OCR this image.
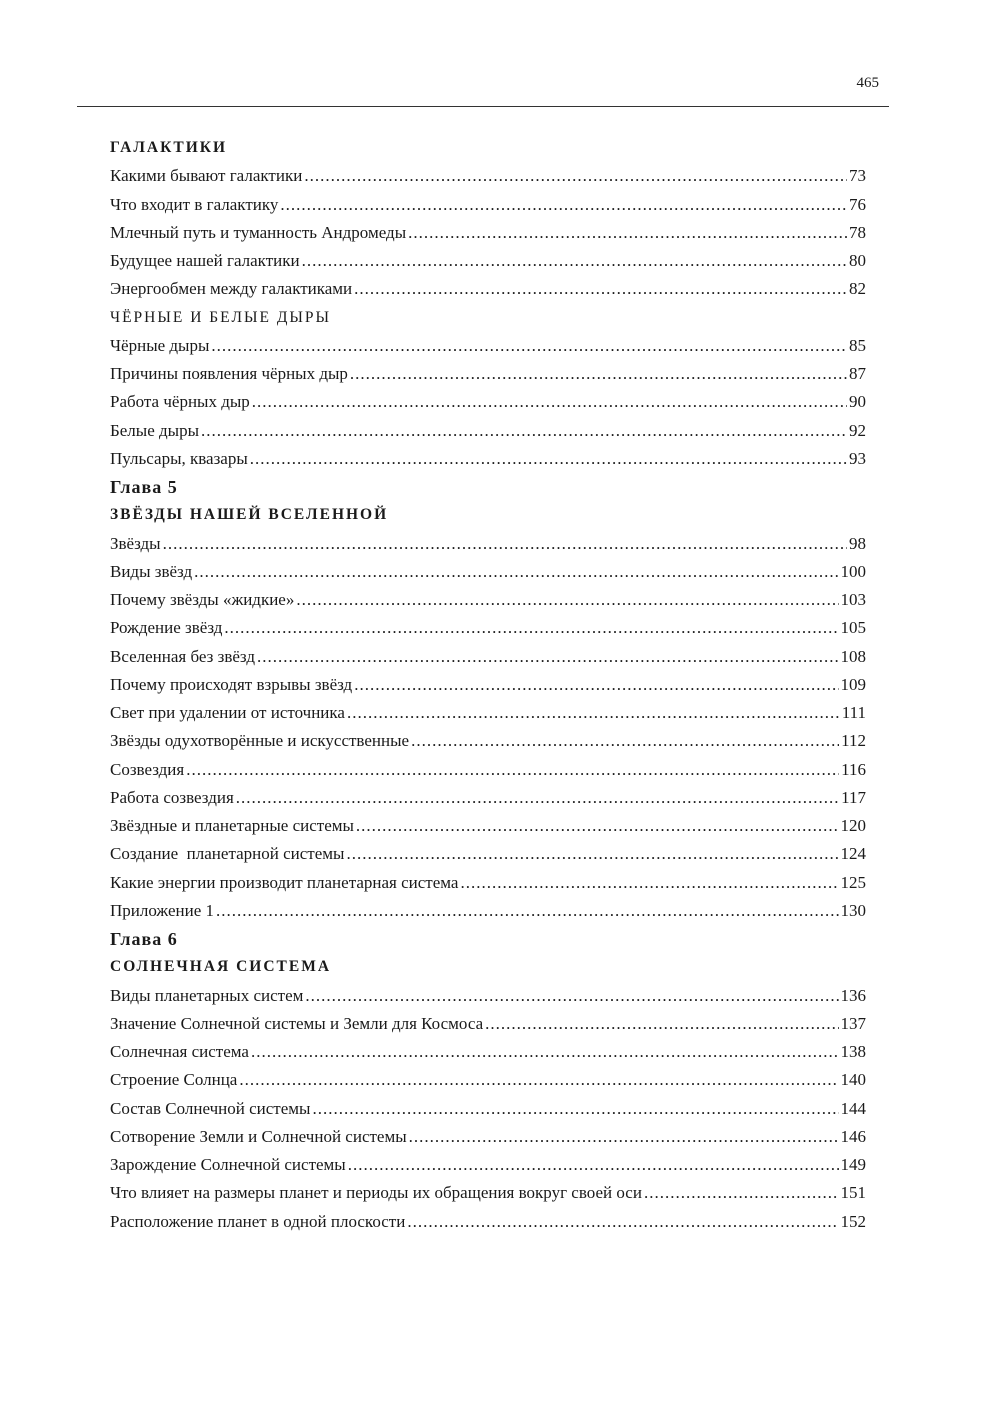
465
ГАЛАКТИКИ
Какими бывают галактики .....	73
Что входит в галактику .....	76
Млечный путь и туманность Андромеды .....	78
Будущее нашей галактики .....	80
Энергообмен между галактиками .....	82
ЧЁРНЫЕ И БЕЛЫЕ ДЫРЫ
Чёрные дыры .....	85
Причины появления чёрных дыр .....	87
Работа чёрных дыр .....	90
Белые дыры .....	92
Пульсары, квазары .....	93
Глава 5
ЗВЁЗДЫ НАШЕЙ ВСЕЛЕННОЙ
Звёзды .....	98
Виды звёзд .....	100
Почему звёзды «жидкие» .....	103
Рождение звёзд .....	105
Вселенная без звёзд .....	108
Почему происходят взрывы звёзд .....	109
Свет при удалении от источника .....	111
Звёзды одухотворённые и искусственные .....	112
Созвездия .....	116
Работа созвездия .....	117
Звёздные и планетарные системы .....	120
Создание  планетарной системы .....	124
Какие энергии производит планетарная система .....	125
Приложение 1 .....	130
Глава 6
СОЛНЕЧНАЯ СИСТЕМА
Виды планетарных систем .....	136
Значение Солнечной системы и Земли для Космоса .....	137
Солнечная система .....	138
Строение Солнца .....	140
Состав Солнечной системы .....	144
Сотворение Земли и Солнечной системы .....	146
Зарождение Солнечной системы .....	149
Что влияет на размеры планет и периоды их обращения вокруг своей оси .....	151
Расположение планет в одной плоскости .....	152
